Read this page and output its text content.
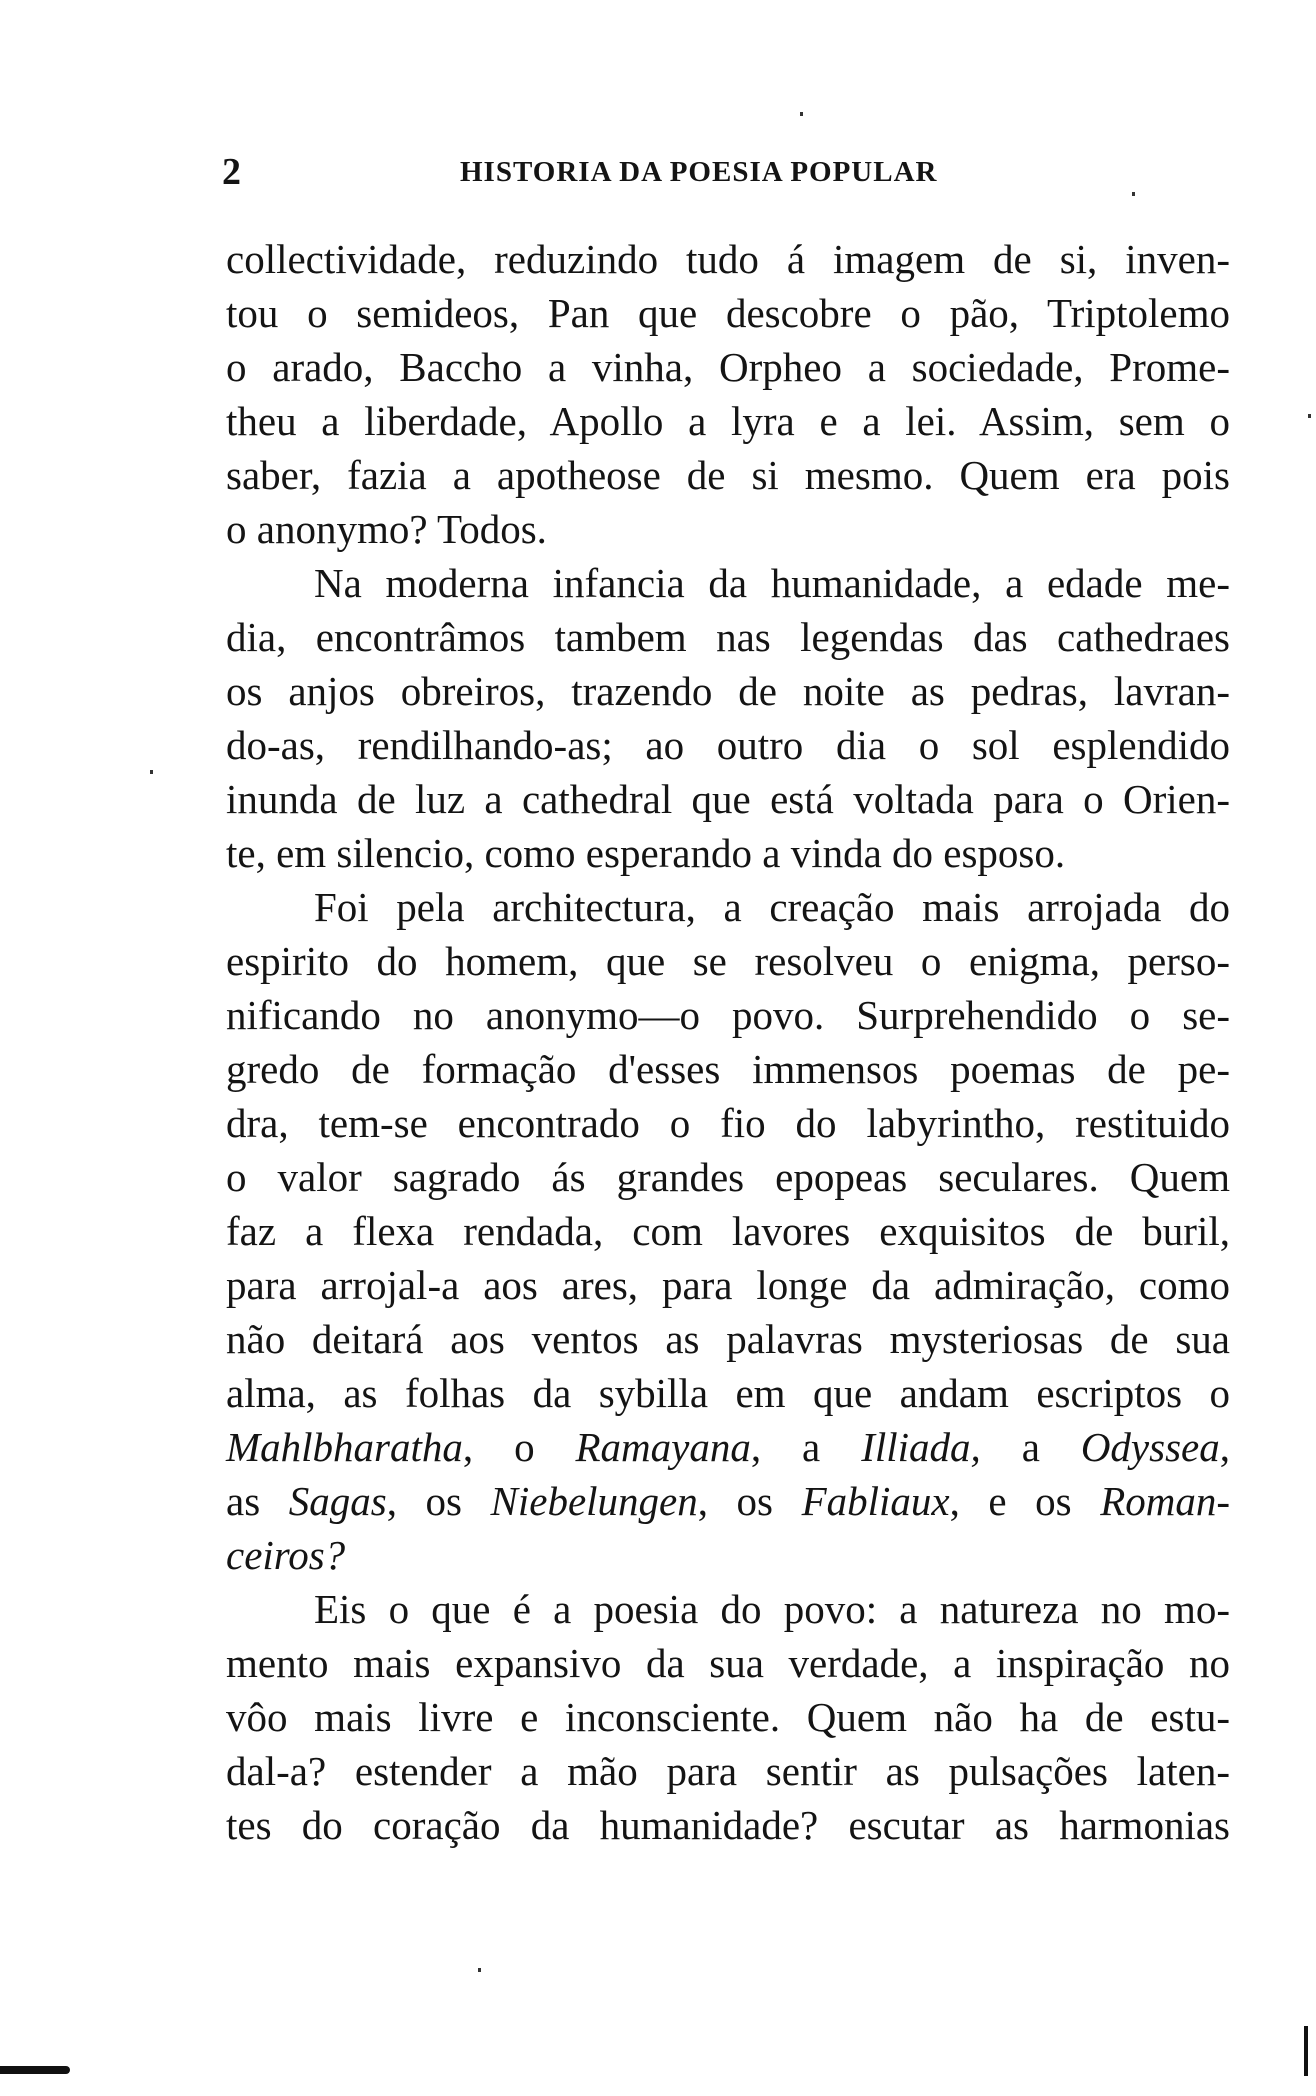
2	HISTORIA DA POESIA POPULAR
collectividade, reduzindo tudo á imagem de si, inven-
tou o semideos, Pan que descobre o pão, Triptolemo
o arado, Baccho a vinha, Orpheo a sociedade, Prome-
theu a liberdade, Apollo a lyra e a lei. Assim, sem o
saber, fazia a apotheose de si mesmo. Quem era pois
o anonymo? Todos.
Na moderna infancia da humanidade, a edade me-
dia, encontrâmos tambem nas legendas das cathedraes
os anjos obreiros, trazendo de noite as pedras, lavran-
do-as, rendilhando-as; ao outro dia o sol esplendido
inunda de luz a cathedral que está voltada para o Orien-
te, em silencio, como esperando a vinda do esposo.
Foi pela architectura, a creação mais arrojada do
espirito do homem, que se resolveu o enigma, perso-
nificando no anonymo—o povo. Surprehendido o se-
gredo de formação d'esses immensos poemas de pe-
dra, tem-se encontrado o fio do labyrintho, restituido
o valor sagrado ás grandes epopeas seculares. Quem
faz a flexa rendada, com lavores exquisitos de buril,
para arrojal-a aos ares, para longe da admiração, como
não deitará aos ventos as palavras mysteriosas de sua
alma, as folhas da sybilla em que andam escriptos o
Mahlbharatha, o Ramayana, a Illiada, a Odyssea,
as Sagas, os Niebelungen, os Fabliaux, e os Roman-
ceiros?
Eis o que é a poesia do povo: a natureza no mo-
mento mais expansivo da sua verdade, a inspiração no
vôo mais livre e inconsciente. Quem não ha de estu-
dal-a? estender a mão para sentir as pulsações laten-
tes do coração da humanidade? escutar as harmonias
